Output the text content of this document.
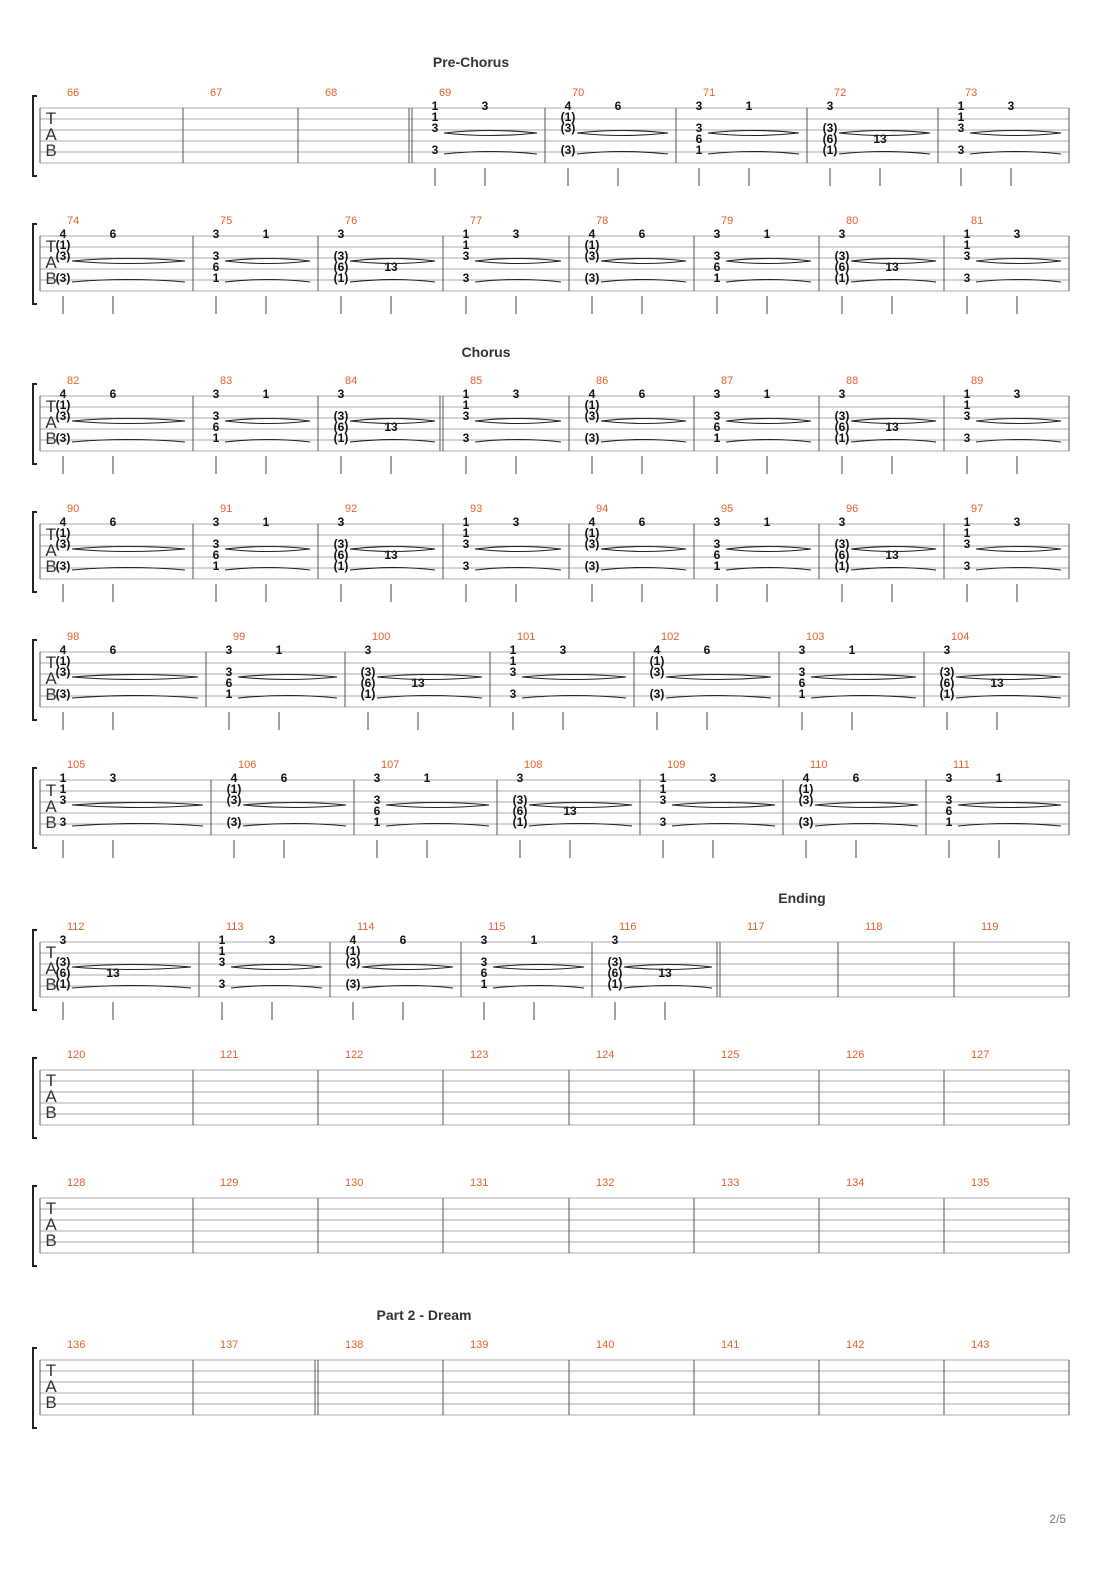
Pre-Chorus
T
A
B
66	67	68	69
1	3
1
3
3
70
4	6
(1)
(3)
(3)
71
3	1
3
6
1
72
3
(3)
(6)	13
(1)
73
1	3
1
3
3
T
A
B
74
4	6
(1)
(3)
(3)
75
3	1
3
6
1
76
3
(3)
(6)	13
(1)
77
1	3
1
3
3
78
4	6
(1)
(3)
(3)
79
3	1
3
6
1
80
3
(3)
(6)	13
(1)
81
1	3
1
3
3
Chorus
T
A
B
82
4	6
(1)
(3)
(3)
83
3	1
3
6
1
84
3
(3)
(6)	13
(1)
85
1	3
1
3
3
86
4	6
(1)
(3)
(3)
87
3	1
3
6
1
88
3
(3)
(6)	13
(1)
89
1	3
1
3
3
T
A
B
90
4	6
(1)
(3)
(3)
91
3	1
3
6
1
92
3
(3)
(6)	13
(1)
93
1	3
1
3
3
94
4	6
(1)
(3)
(3)
95
3	1
3
6
1
96
3
(3)
(6)	13
(1)
97
1	3
1
3
3
T
A
B
98
4	6
(1)
(3)
(3)
99
3	1
3
6
1
100
3
(3)
(6)	13
(1)
101
1	3
1
3
3
102
4	6
(1)
(3)
(3)
103
3	1
3
6
1
104
3
(3)
(6)	13
(1)
T
A
B
105
1	3
1
3
3
106
4	6
(1)
(3)
(3)
107
3	1
3
6
1
108
3
(3)
(6)	13
(1)
109
1	3
1
3
3
110
4	6
(1)
(3)
(3)
111
3	1
3
6
1
Ending
T
A
B
112
3
(3)
(6)	13
(1)
113
1	3
1
3
3
114
4	6
(1)
(3)
(3)
115
3	1
3
6
1
116
3
(3)
(6)	13
(1)
117	118	119
T
A
B
120	121	122	123	124	125	126	127
T
A
B
128	129	130	131	132	133	134	135
Part 2 - Dream
T
A
B
136	137	138	139	140	141	142	143
2/5
